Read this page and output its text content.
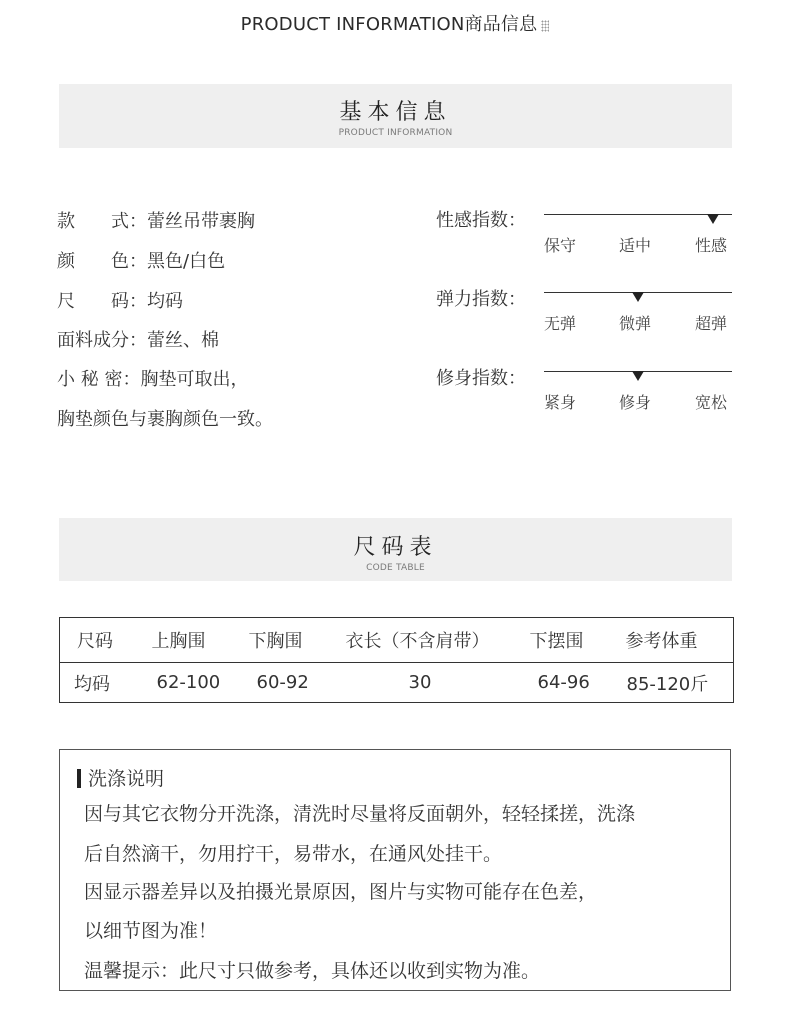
PRODUCT INFORMATION商品信息
基本信息
PRODUCT INFORMATION
款　　式：蕾丝吊带裹胸
颜　　色：黑色/白色
尺　　码：均码
面料成分：蕾丝、棉
小 秘 密：胸垫可取出，
胸垫颜色与裹胸颜色一致。
性感指数：
保守	适中	性感
弹力指数：
无弹	微弹	超弹
修身指数：
紧身	修身	宽松
尺码表
CODE TABLE
尺码	上胸围	下胸围	衣长（不含肩带）	下摆围	参考体重
均码	62-100	60-92	30	64-96	85-120斤
洗涤说明
因与其它衣物分开洗涤，清洗时尽量将反面朝外，轻轻揉搓，洗涤
后自然滴干，勿用拧干，易带水，在通风处挂干。
因显示器差异以及拍摄光景原因，图片与实物可能存在色差，
以细节图为准！
温馨提示：此尺寸只做参考，具体还以收到实物为准。
